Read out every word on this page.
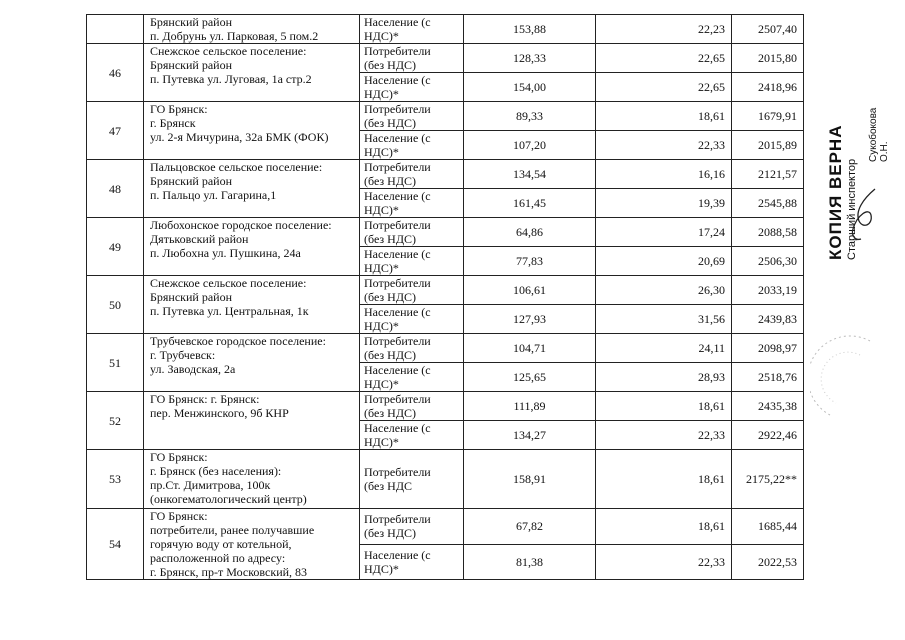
	Брянский район
п. Добрунь ул. Парковая, 5 пом.2	Население (с
НДС)*	153,88	22,23	2507,40
46	Снежское сельское поселение:
Брянский район
п. Путевка ул. Луговая, 1а стр.2	Потребители
(без НДС)	128,33	22,65	2015,80

		Население (с
НДС)*	154,00	22,65	2418,96
47	ГО Брянск:
г. Брянск
ул. 2-я Мичурина, 32а БМК (ФОК)	Потребители
(без НДС)	89,33	18,61	1679,91

		Население (с
НДС)*	107,20	22,33	2015,89
48	Пальцовское сельское поселение:
Брянский район
п. Пальцо ул. Гагарина,1	Потребители
(без НДС)	134,54	16,16	2121,57

		Население (с
НДС)*	161,45	19,39	2545,88
49	Любохонское городское поселение:
Дятьковский район
п. Любохна ул. Пушкина, 24а	Потребители
(без НДС)	64,86	17,24	2088,58

		Население (с
НДС)*	77,83	20,69	2506,30
50	Снежское сельское поселение:
Брянский район
п. Путевка ул. Центральная, 1к	Потребители
(без НДС)	106,61	26,30	2033,19

		Население (с
НДС)*	127,93	31,56	2439,83
51	Трубчевское городское поселение:
г. Трубчевск:
ул. Заводская, 2а	Потребители
(без НДС)	104,71	24,11	2098,97

		Население (с
НДС)*	125,65	28,93	2518,76
52	ГО Брянск: г. Брянск:
пер. Менжинского, 9б КНР	Потребители
(без НДС)	111,89	18,61	2435,38

		Население (с
НДС)*	134,27	22,33	2922,46
53	ГО Брянск:
г. Брянск (без населения):
пр.Ст. Димитрова, 100к
(онкогематологический центр)	Потребители
(без НДС	158,91	18,61	2175,22**
54	ГО Брянск:
потребители, ранее получавшие
горячую воду от котельной,
расположенной по адресу:
г. Брянск, пр-т Московский, 83	Потребители
(без НДС)	67,82	18,61	1685,44

		Население (с
НДС)*	81,38	22,33	2022,53
КОПИЯ ВЕРНА Старший инспектор
Сукобокова О.Н.
